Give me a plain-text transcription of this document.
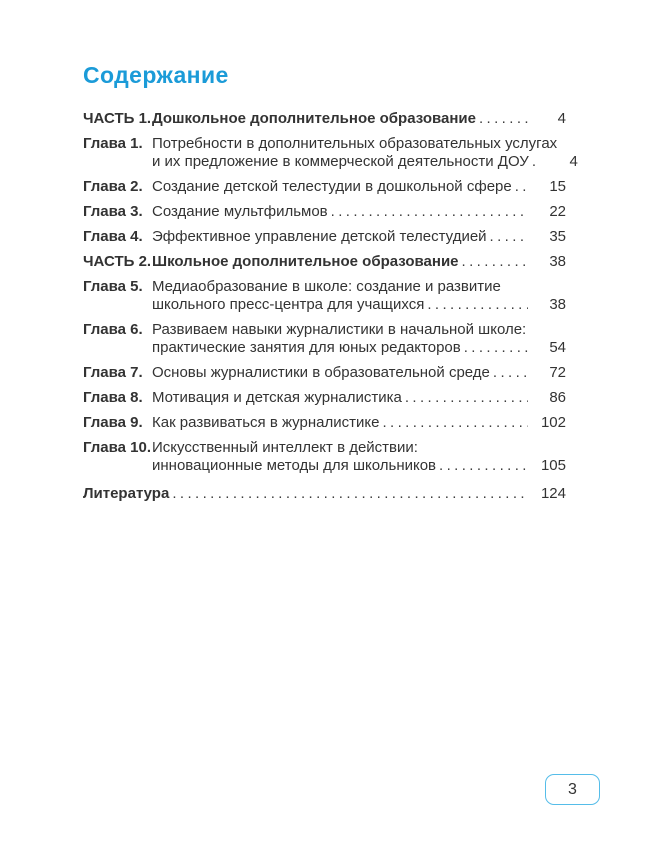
Содержание
ЧАСТЬ 1. Дошкольное дополнительное образование .....	4
Глава 1. Потребности в дополнительных образовательных услугах
и их предложение в коммерческой деятельности ДОУ .....	4
Глава 2. Создание детской телестудии в дошкольной сфере .....	15
Глава 3. Создание мультфильмов .....	22
Глава 4. Эффективное управление детской телестудией .....	35
ЧАСТЬ 2. Школьное дополнительное образование .....	38
Глава 5. Медиаобразование в школе: создание и развитие
школьного пресс-центра для учащихся .....	38
Глава 6. Развиваем навыки журналистики в начальной школе:
практические занятия для юных редакторов .....	54
Глава 7. Основы журналистики в образовательной среде .....	72
Глава 8. Мотивация и детская журналистика .....	86
Глава 9. Как развиваться в журналистике .....	102
Глава 10. Искусственный интеллект в действии:
инновационные методы для школьников .....	105
Литература .....	124
3
